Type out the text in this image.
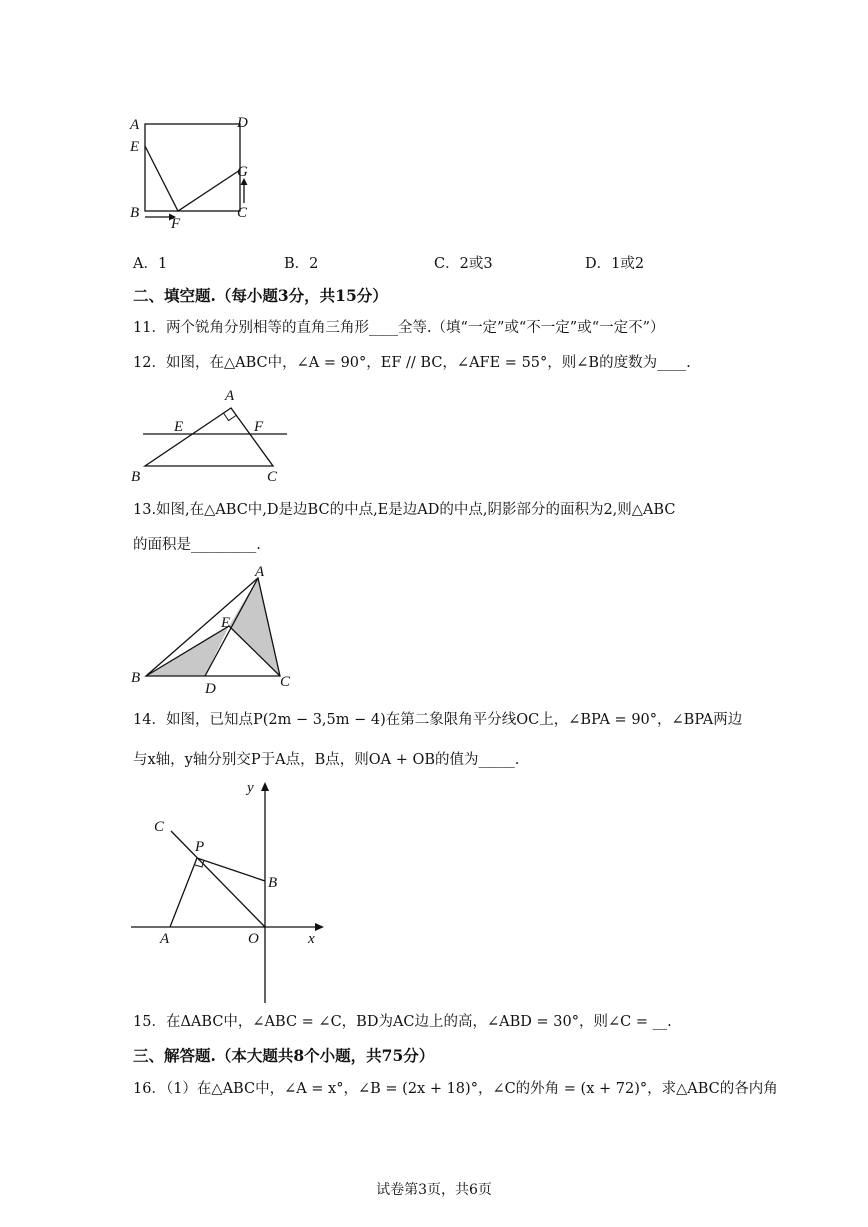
A	D
E
G
B
F
C
A．1	B．2	C．2或3	D．1或2
二、填空题.（每小题3分，共15分）
11．两个锐角分别相等的直角三角形____全等.（填“一定”或“不一定”或“一定不”）
12．如图，在△ABC中，∠A = 90°，EF // BC，∠AFE = 55°，则∠B的度数为____.
A
E	F
B	C
13.如图,在△ABC中,D是边BC的中点,E是边AD的中点,阴影部分的面积为2,则△ABC
的面积是_________.
A
E
B
D	C
14．如图，已知点P(2m − 3,5m − 4)在第二象限角平分线OC上，∠BPA = 90°，∠BPA两边
与x轴，y轴分别交P于A点，B点，则OA + OB的值为_____.
y
C
P
B
A	O	x
15．在ΔABC中，∠ABC = ∠C，BD为AC边上的高，∠ABD = 30°，则∠C = __.
三、解答题.（本大题共8个小题，共75分）
16．（1）在△ABC中，∠A = x°，∠B = (2x + 18)°，∠C的外角 = (x + 72)°，求△ABC的各内角
试卷第3页，共6页
